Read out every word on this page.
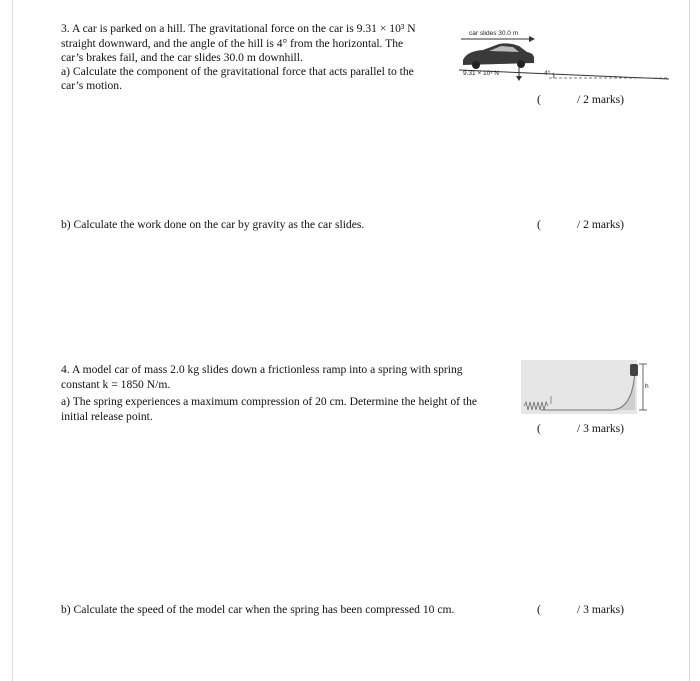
3. A car is parked on a hill. The gravitational force on the car is 9.31 × 10³ N
straight downward, and the angle of the hill is 4° from the horizontal. The
car’s brakes fail, and the car slides 30.0 m downhill.
a) Calculate the component of the gravitational force that acts parallel to the
car’s motion.
car slides 30.0 m
9.31 × 10³ N	4°
(	/ 2 marks)
b) Calculate the work done on the car by gravity as the car slides.	(	/ 2 marks)
4. A model car of mass 2.0 kg slides down a frictionless ramp into a spring with spring
constant k = 1850 N/m.
a) The spring experiences a maximum compression of 20 cm. Determine the height of the
initial release point.
h
(	/ 3 marks)
b) Calculate the speed of the model car when the spring has been compressed 10 cm.	(	/ 3 marks)
